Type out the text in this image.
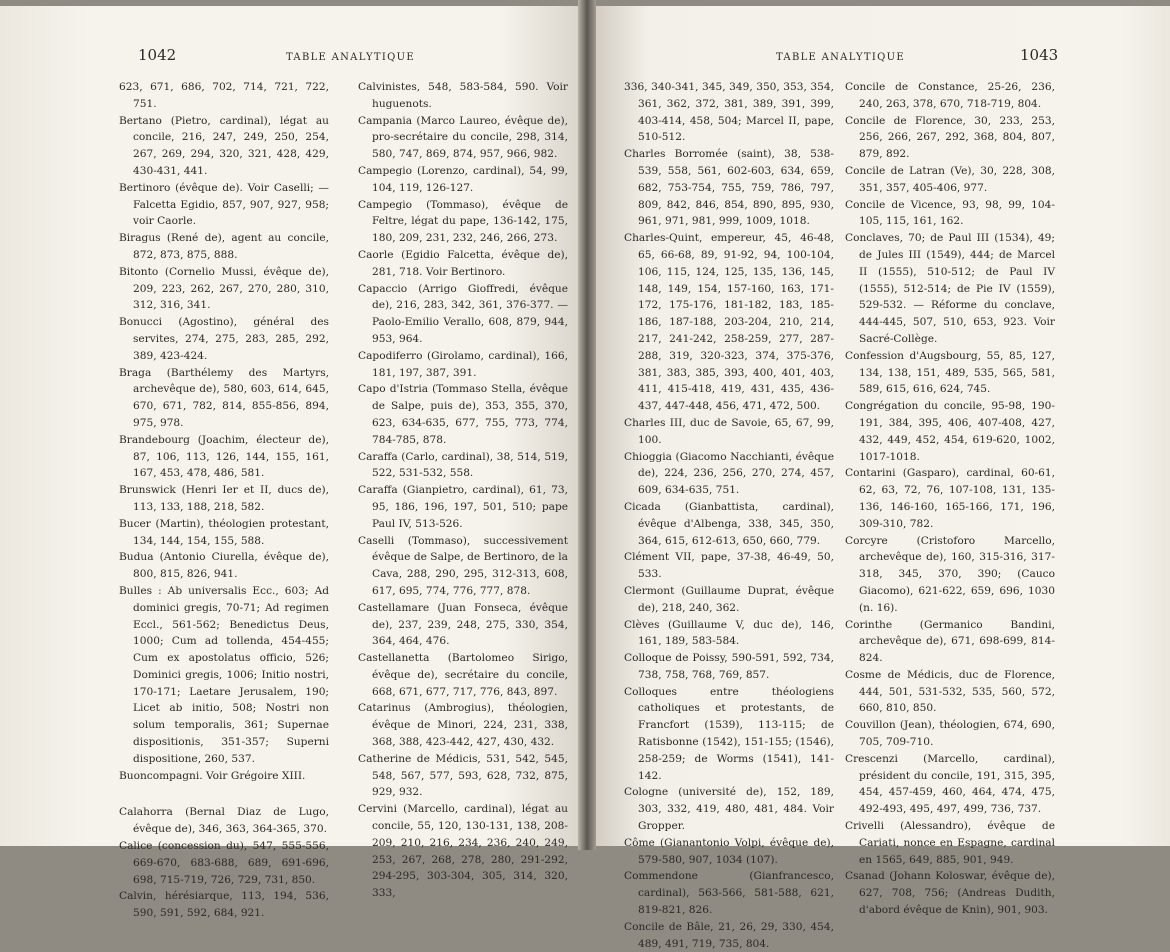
1042	TABLE ANALYTIQUE
623, 671, 686, 702, 714, 721, 722, 751.
Bertano (Pietro, cardinal), légat au concile, 216, 247, 249, 250, 254, 267, 269, 294, 320, 321, 428, 429, 430-431, 441.
Bertinoro (évêque de). Voir Caselli; — Falcetta Egidio, 857, 907, 927, 958; voir Caorle.
Biragus (René de), agent au concile, 872, 873, 875, 888.
Bitonto (Cornelio Mussi, évêque de), 209, 223, 262, 267, 270, 280, 310, 312, 316, 341.
Bonucci (Agostino), général des servites, 274, 275, 283, 285, 292, 389, 423-424.
Braga (Barthélemy des Martyrs, archevêque de), 580, 603, 614, 645, 670, 671, 782, 814, 855-856, 894, 975, 978.
Brandebourg (Joachim, électeur de), 87, 106, 113, 126, 144, 155, 161, 167, 453, 478, 486, 581.
Brunswick (Henri Ier et II, ducs de), 113, 133, 188, 218, 582.
Bucer (Martin), théologien protestant, 134, 144, 154, 155, 588.
Budua (Antonio Ciurella, évêque de), 800, 815, 826, 941.
Bulles : Ab universalis Ecc., 603; Ad dominici gregis, 70-71; Ad regimen Eccl., 561-562; Benedictus Deus, 1000; Cum ad tollenda, 454-455; Cum ex apostolatus officio, 526; Dominici gregis, 1006; Initio nostri, 170-171; Laetare Jerusalem, 190; Licet ab initio, 508; Nostri non solum temporalis, 361; Supernae dispositionis, 351-357; Superni dispositione, 260, 537.
Buoncompagni. Voir Grégoire XIII.
Calahorra (Bernal Diaz de Lugo, évêque de), 346, 363, 364-365, 370.
Calice (concession du), 547, 555-556, 669-670, 683-688, 689, 691-696, 698, 715-719, 726, 729, 731, 850.
Calvin, hérésiarque, 113, 194, 536, 590, 591, 592, 684, 921.
Calvinistes, 548, 583-584, 590. Voir huguenots.
Campania (Marco Laureo, évêque de), pro-secrétaire du concile, 298, 314, 580, 747, 869, 874, 957, 966, 982.
Campegio (Lorenzo, cardinal), 54, 99, 104, 119, 126-127.
Campegio (Tommaso), évêque de Feltre, légat du pape, 136-142, 175, 180, 209, 231, 232, 246, 266, 273.
Caorle (Egidio Falcetta, évêque de), 281, 718. Voir Bertinoro.
Capaccio (Arrigo Gioffredi, évêque de), 216, 283, 342, 361, 376-377. — Paolo-Emilio Verallo, 608, 879, 944, 953, 964.
Capodiferro (Girolamo, cardinal), 166, 181, 197, 387, 391.
Capo d'Istria (Tommaso Stella, évêque de Salpe, puis de), 353, 355, 370, 623, 634-635, 677, 755, 773, 774, 784-785, 878.
Caraffa (Carlo, cardinal), 38, 514, 519, 522, 531-532, 558.
Caraffa (Gianpietro, cardinal), 61, 73, 95, 186, 196, 197, 501, 510; pape Paul IV, 513-526.
Caselli (Tommaso), successivement évêque de Salpe, de Bertinoro, de la Cava, 288, 290, 295, 312-313, 608, 617, 695, 774, 776, 777, 878.
Castellamare (Juan Fonseca, évêque de), 237, 239, 248, 275, 330, 354, 364, 464, 476.
Castellanetta (Bartolomeo Sirigo, évêque de), secrétaire du concile, 668, 671, 677, 717, 776, 843, 897.
Catarinus (Ambrogius), théologien, évêque de Minori, 224, 231, 338, 368, 388, 423-442, 427, 430, 432.
Catherine de Médicis, 531, 542, 545, 548, 567, 577, 593, 628, 732, 875, 929, 932.
Cervini (Marcello, cardinal), légat au concile, 55, 120, 130-131, 138, 208-209, 210, 216, 234, 236, 240, 249, 253, 267, 268, 278, 280, 291-292, 294-295, 303-304, 305, 314, 320, 333,
TABLE ANALYTIQUE	1043
336, 340-341, 345, 349, 350, 353, 354, 361, 362, 372, 381, 389, 391, 399, 403-414, 458, 504; Marcel II, pape, 510-512.
Charles Borromée (saint), 38, 538-539, 558, 561, 602-603, 634, 659, 682, 753-754, 755, 759, 786, 797, 809, 842, 846, 854, 890, 895, 930, 961, 971, 981, 999, 1009, 1018.
Charles-Quint, empereur, 45, 46-48, 65, 66-68, 89, 91-92, 94, 100-104, 106, 115, 124, 125, 135, 136, 145, 148, 149, 154, 157-160, 163, 171-172, 175-176, 181-182, 183, 185-186, 187-188, 203-204, 210, 214, 217, 241-242, 258-259, 277, 287-288, 319, 320-323, 374, 375-376, 381, 383, 385, 393, 400, 401, 403, 411, 415-418, 419, 431, 435, 436-437, 447-448, 456, 471, 472, 500.
Charles III, duc de Savoie, 65, 67, 99, 100.
Chioggia (Giacomo Nacchianti, évêque de), 224, 236, 256, 270, 274, 457, 609, 634-635, 751.
Cicada (Gianbattista, cardinal), évêque d'Albenga, 338, 345, 350, 364, 615, 612-613, 650, 660, 779.
Clément VII, pape, 37-38, 46-49, 50, 533.
Clermont (Guillaume Duprat, évêque de), 218, 240, 362.
Clèves (Guillaume V, duc de), 146, 161, 189, 583-584.
Colloque de Poissy, 590-591, 592, 734, 738, 758, 768, 769, 857.
Colloques entre théologiens catholiques et protestants, de Francfort (1539), 113-115; de Ratisbonne (1542), 151-155; (1546), 258-259; de Worms (1541), 141-142.
Cologne (université de), 152, 189, 303, 332, 419, 480, 481, 484. Voir Gropper.
Côme (Gianantonio Volpi, évêque de), 579-580, 907, 1034 (107).
Commendone (Gianfrancesco, cardinal), 563-566, 581-588, 621, 819-821, 826.
Concile de Bâle, 21, 26, 29, 330, 454, 489, 491, 719, 735, 804.
Concile de Constance, 25-26, 236, 240, 263, 378, 670, 718-719, 804.
Concile de Florence, 30, 233, 253, 256, 266, 267, 292, 368, 804, 807, 879, 892.
Concile de Latran (Ve), 30, 228, 308, 351, 357, 405-406, 977.
Concile de Vicence, 93, 98, 99, 104-105, 115, 161, 162.
Conclaves, 70; de Paul III (1534), 49; de Jules III (1549), 444; de Marcel II (1555), 510-512; de Paul IV (1555), 512-514; de Pie IV (1559), 529-532. — Réforme du conclave, 444-445, 507, 510, 653, 923. Voir Sacré-Collège.
Confession d'Augsbourg, 55, 85, 127, 134, 138, 151, 489, 535, 565, 581, 589, 615, 616, 624, 745.
Congrégation du concile, 95-98, 190-191, 384, 395, 406, 407-408, 427, 432, 449, 452, 454, 619-620, 1002, 1017-1018.
Contarini (Gasparo), cardinal, 60-61, 62, 63, 72, 76, 107-108, 131, 135-136, 146-160, 165-166, 171, 196, 309-310, 782.
Corcyre (Cristoforo Marcello, archevêque de), 160, 315-316, 317-318, 345, 370, 390; (Cauco Giacomo), 621-622, 659, 696, 1030 (n. 16).
Corinthe (Germanico Bandini, archevêque de), 671, 698-699, 814-824.
Cosme de Médicis, duc de Florence, 444, 501, 531-532, 535, 560, 572, 660, 810, 850.
Couvillon (Jean), théologien, 674, 690, 705, 709-710.
Crescenzi (Marcello, cardinal), président du concile, 191, 315, 395, 454, 457-459, 460, 464, 474, 475, 492-493, 495, 497, 499, 736, 737.
Crivelli (Alessandro), évêque de Cariati, nonce en Espagne, cardinal en 1565, 649, 885, 901, 949.
Csanad (Johann Koloswar, évêque de), 627, 708, 756; (Andreas Dudith, d'abord évêque de Knin), 901, 903.
